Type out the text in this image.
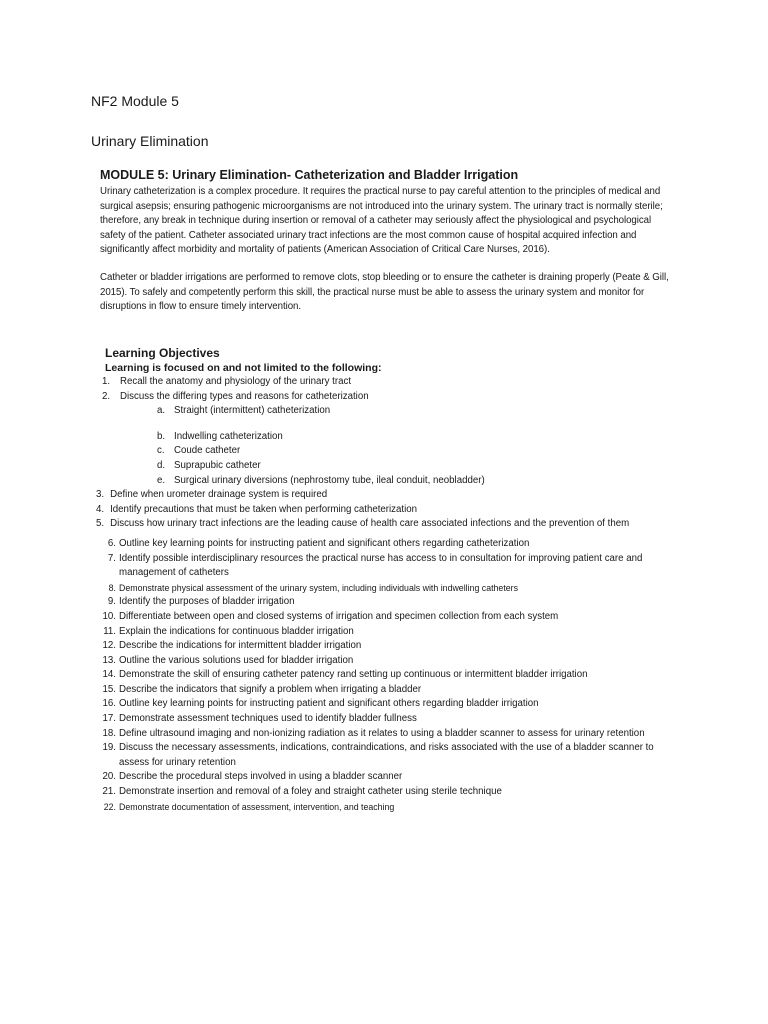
NF2 Module 5
Urinary Elimination
MODULE 5: Urinary Elimination- Catheterization and Bladder Irrigation

Urinary catheterization is a complex procedure. It requires the practical nurse to pay careful attention to the principles of medical and surgical asepsis; ensuring pathogenic microorganisms are not introduced into the urinary system. The urinary tract is normally sterile; therefore, any break in technique during insertion or removal of a catheter may seriously affect the physiological and psychological safety of the patient. Catheter associated urinary tract infections are the most common cause of hospital acquired infection and significantly affect morbidity and mortality of patients (American Association of Critical Care Nurses, 2016).

Catheter or bladder irrigations are performed to remove clots, stop bleeding or to ensure the catheter is draining properly (Peate & Gill, 2015). To safely and competently perform this skill, the practical nurse must be able to assess the urinary system and monitor for disruptions in flow to ensure timely intervention.

Learning Objectives
Learning is focused on and not limited to the following:
1. Recall the anatomy and physiology of the urinary tract
2. Discuss the differing types and reasons for catheterization
a. Straight (intermittent) catheterization
b. Indwelling catheterization
c. Coude catheter
d. Suprapubic catheter
e. Surgical urinary diversions (nephrostomy tube, ileal conduit, neobladder)
3. Define when urometer drainage system is required
4. Identify precautions that must be taken when performing catheterization
5. Discuss how urinary tract infections are the leading cause of health care associated infections and the prevention of them
6. Outline key learning points for instructing patient and significant others regarding catheterization
7. Identify possible interdisciplinary resources the practical nurse has access to in consultation for improving patient care and management of catheters
8. Demonstrate physical assessment of the urinary system, including individuals with indwelling catheters
9. Identify the purposes of bladder irrigation
10. Differentiate between open and closed systems of irrigation and specimen collection from each system
11. Explain the indications for continuous bladder irrigation
12. Describe the indications for intermittent bladder irrigation
13. Outline the various solutions used for bladder irrigation
14. Demonstrate the skill of ensuring catheter patency rand setting up continuous or intermittent bladder irrigation
15. Describe the indicators that signify a problem when irrigating a bladder
16. Outline key learning points for instructing patient and significant others regarding bladder irrigation
17. Demonstrate assessment techniques used to identify bladder fullness
18. Define ultrasound imaging and non-ionizing radiation as it relates to using a bladder scanner to assess for urinary retention
19. Discuss the necessary assessments, indications, contraindications, and risks associated with the use of a bladder scanner to assess for urinary retention
20. Describe the procedural steps involved in using a bladder scanner
21. Demonstrate insertion and removal of a foley and straight catheter using sterile technique
22. Demonstrate documentation of assessment, intervention, and teaching
